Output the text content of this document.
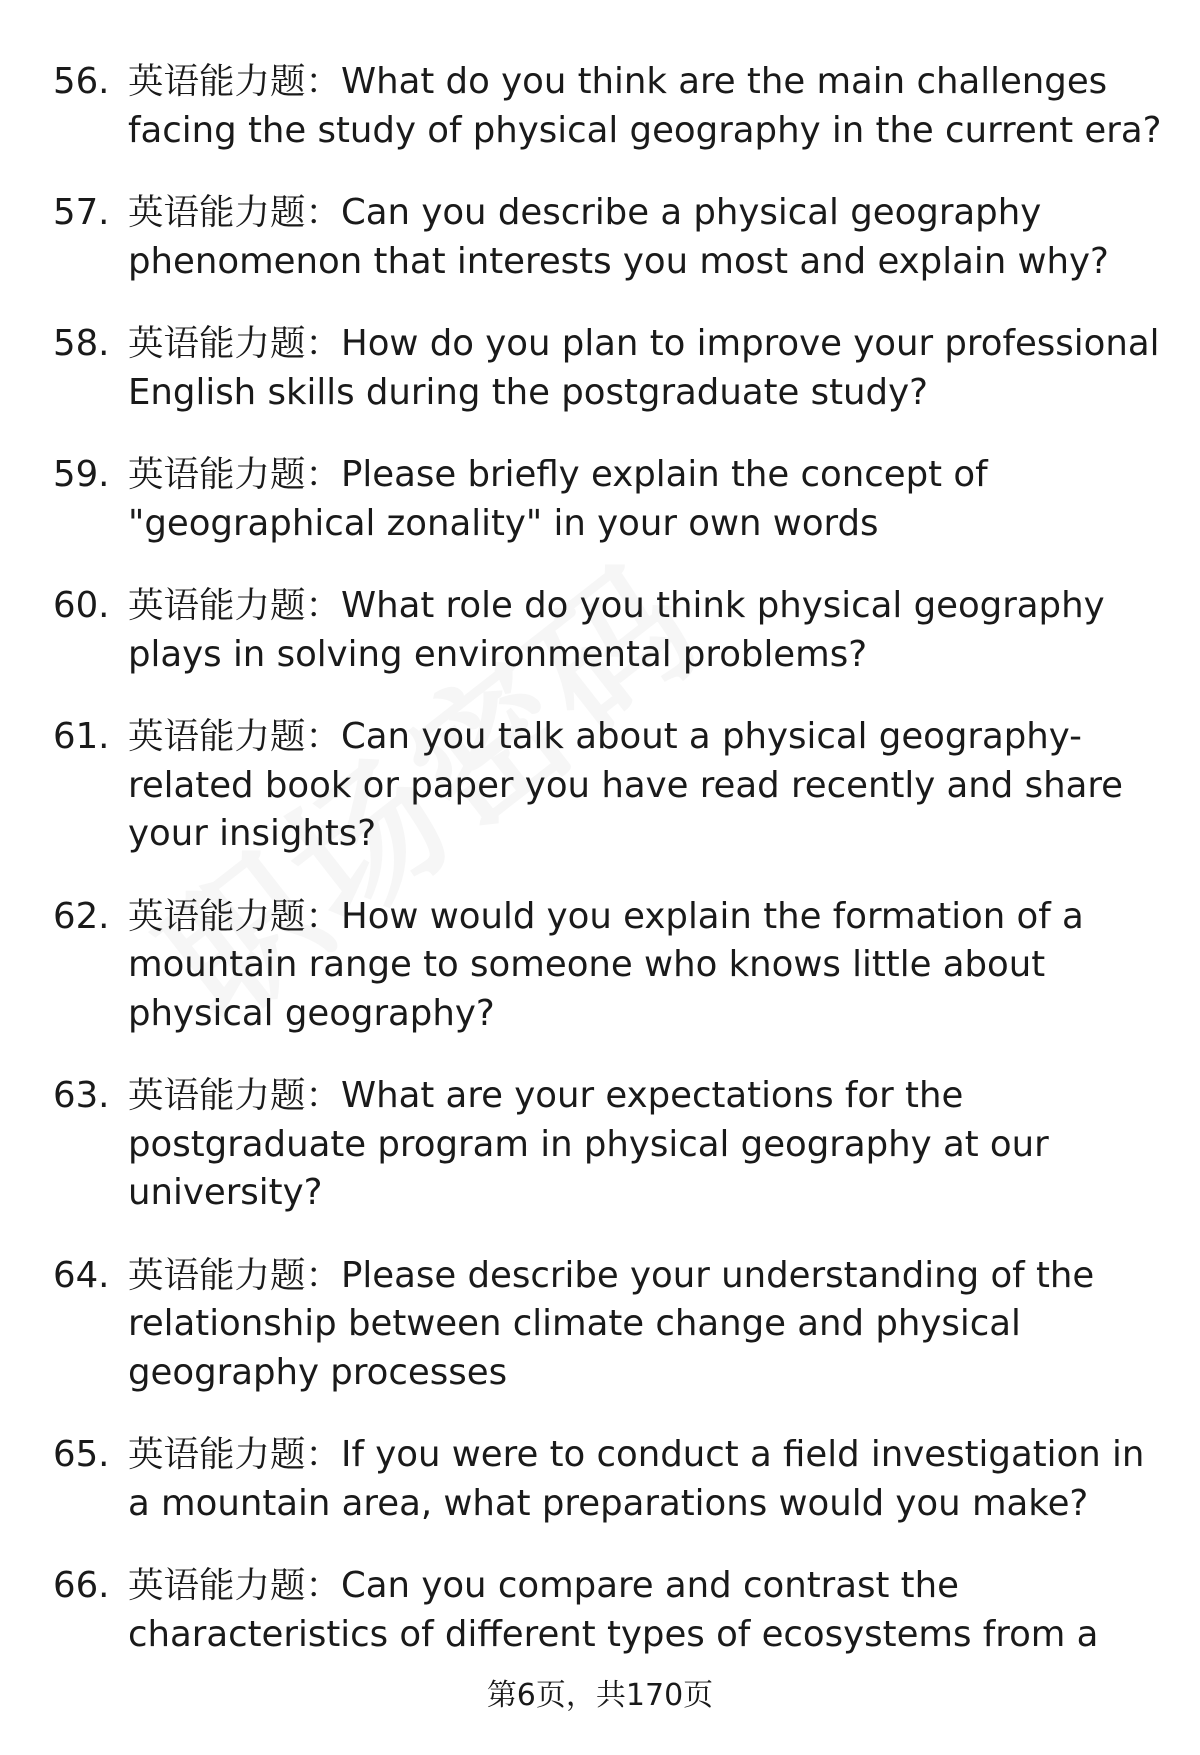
56. 英语能力题：What do you think are the main challenges facing the study of physical geography in the current era?
57. 英语能力题：Can you describe a physical geography phenomenon that interests you most and explain why?
58. 英语能力题：How do you plan to improve your professional English skills during the postgraduate study?
59. 英语能力题：Please briefly explain the concept of "geographical zonality" in your own words
60. 英语能力题：What role do you think physical geography plays in solving environmental problems?
61. 英语能力题：Can you talk about a physical geography-related book or paper you have read recently and share your insights?
62. 英语能力题：How would you explain the formation of a mountain range to someone who knows little about physical geography?
63. 英语能力题：What are your expectations for the postgraduate program in physical geography at our university?
64. 英语能力题：Please describe your understanding of the relationship between climate change and physical geography processes
65. 英语能力题：If you were to conduct a field investigation in a mountain area, what preparations would you make?
66. 英语能力题：Can you compare and contrast the characteristics of different types of ecosystems from a
第6页，共170页
